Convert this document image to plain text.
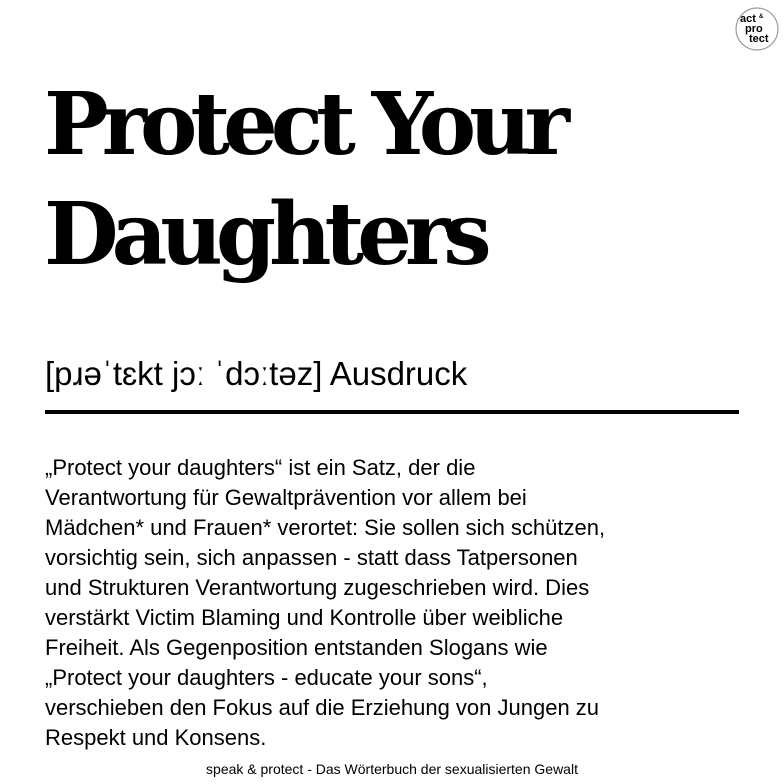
act &
pro
tect
Protect Your
Daughters
[pɹəˈtɛkt jɔː ˈdɔːtəz] Ausdruck

„Protect your daughters“ ist ein Satz, der die
Verantwortung für Gewaltprävention vor allem bei
Mädchen* und Frauen* verortet: Sie sollen sich schützen,
vorsichtig sein, sich anpassen - statt dass Tatpersonen
und Strukturen Verantwortung zugeschrieben wird. Dies
verstärkt Victim Blaming und Kontrolle über weibliche
Freiheit. Als Gegenposition entstanden Slogans wie
„Protect your daughters - educate your sons“,
verschieben den Fokus auf die Erziehung von Jungen zu
Respekt und Konsens.

speak & protect - Das Wörterbuch der sexualisierten Gewalt
